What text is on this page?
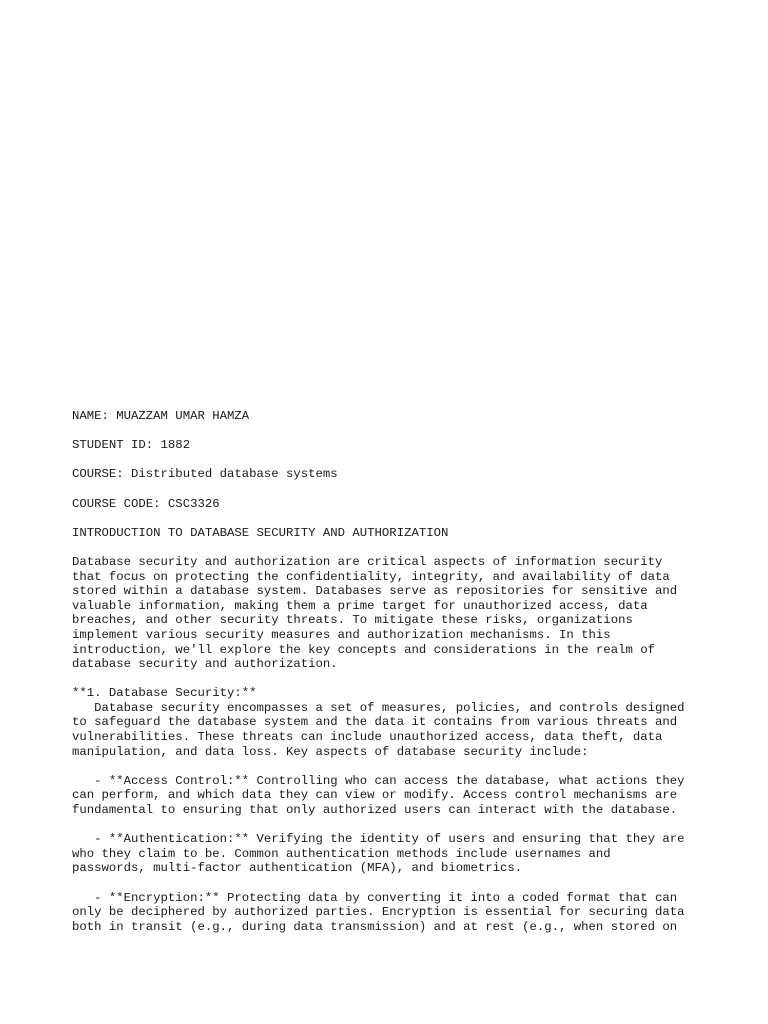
NAME: MUAZZAM UMAR HAMZA

STUDENT ID: 1882

COURSE: Distributed database systems

COURSE CODE: CSC3326

INTRODUCTION TO DATABASE SECURITY AND AUTHORIZATION

Database security and authorization are critical aspects of information security
that focus on protecting the confidentiality, integrity, and availability of data
stored within a database system. Databases serve as repositories for sensitive and
valuable information, making them a prime target for unauthorized access, data
breaches, and other security threats. To mitigate these risks, organizations
implement various security measures and authorization mechanisms. In this
introduction, we'll explore the key concepts and considerations in the realm of
database security and authorization.

**1. Database Security:**
Database security encompasses a set of measures, policies, and controls designed
to safeguard the database system and the data it contains from various threats and
vulnerabilities. These threats can include unauthorized access, data theft, data
manipulation, and data loss. Key aspects of database security include:

- **Access Control:** Controlling who can access the database, what actions they
can perform, and which data they can view or modify. Access control mechanisms are
fundamental to ensuring that only authorized users can interact with the database.

- **Authentication:** Verifying the identity of users and ensuring that they are
who they claim to be. Common authentication methods include usernames and
passwords, multi-factor authentication (MFA), and biometrics.

- **Encryption:** Protecting data by converting it into a coded format that can
only be deciphered by authorized parties. Encryption is essential for securing data
both in transit (e.g., during data transmission) and at rest (e.g., when stored on
